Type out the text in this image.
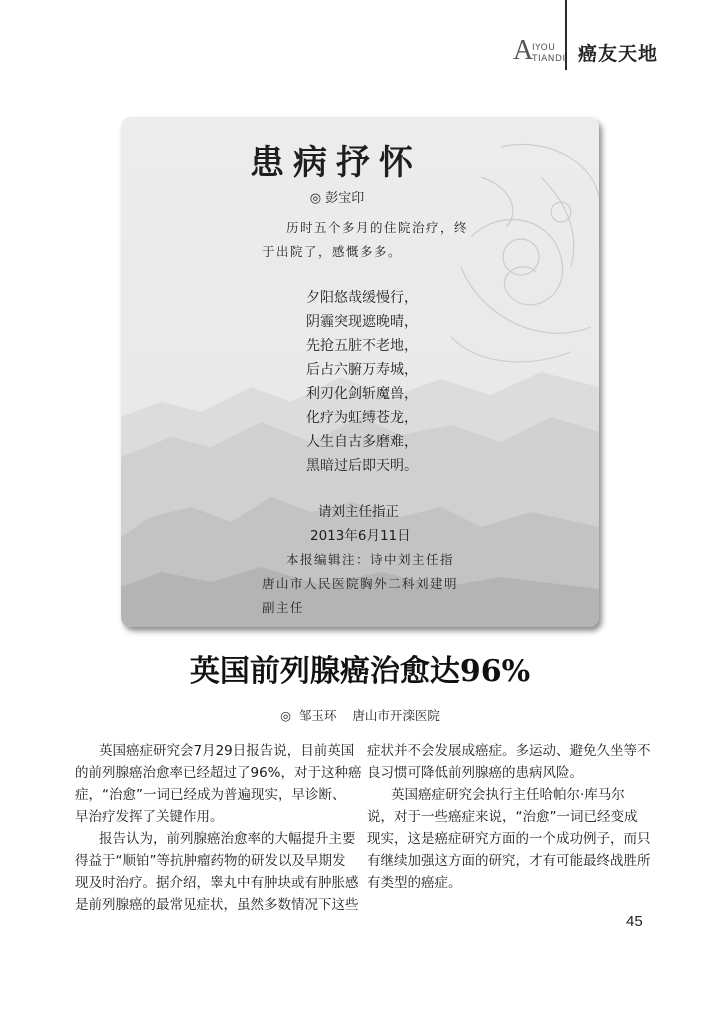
A
IYOU
TIANDI 癌友天地
患病抒怀
◎ 彭宝印
历时五个多月的住院治疗，终
于出院了，感慨多多。
夕阳悠哉缓慢行，
阴霾突现遮晚晴，
先抢五脏不老地，
后占六腑万寿城，
利刃化剑斩魔兽，
化疗为虹缚苍龙，
人生自古多磨难，
黑暗过后即天明。
请刘主任指正
2013年6月11日
本报编辑注：诗中刘主任指
唐山市人民医院胸外二科刘建明
副主任
英国前列腺癌治愈达96%
◎  邹玉环    唐山市开滦医院
英国癌症研究会7月29日报告说，目前英国
的前列腺癌治愈率已经超过了96%，对于这种癌
症，“治愈”一词已经成为普遍现实，早诊断、
早治疗发挥了关键作用。
报告认为，前列腺癌治愈率的大幅提升主要
得益于“顺铂”等抗肿瘤药物的研发以及早期发
现及时治疗。据介绍，睾丸中有肿块或有肿胀感
是前列腺癌的最常见症状，虽然多数情况下这些
症状并不会发展成癌症。多运动、避免久坐等不
良习惯可降低前列腺癌的患病风险。
英国癌症研究会执行主任哈帕尔·库马尔
说，对于一些癌症来说，“治愈”一词已经变成
现实，这是癌症研究方面的一个成功例子，而只
有继续加强这方面的研究，才有可能最终战胜所
有类型的癌症。
45
